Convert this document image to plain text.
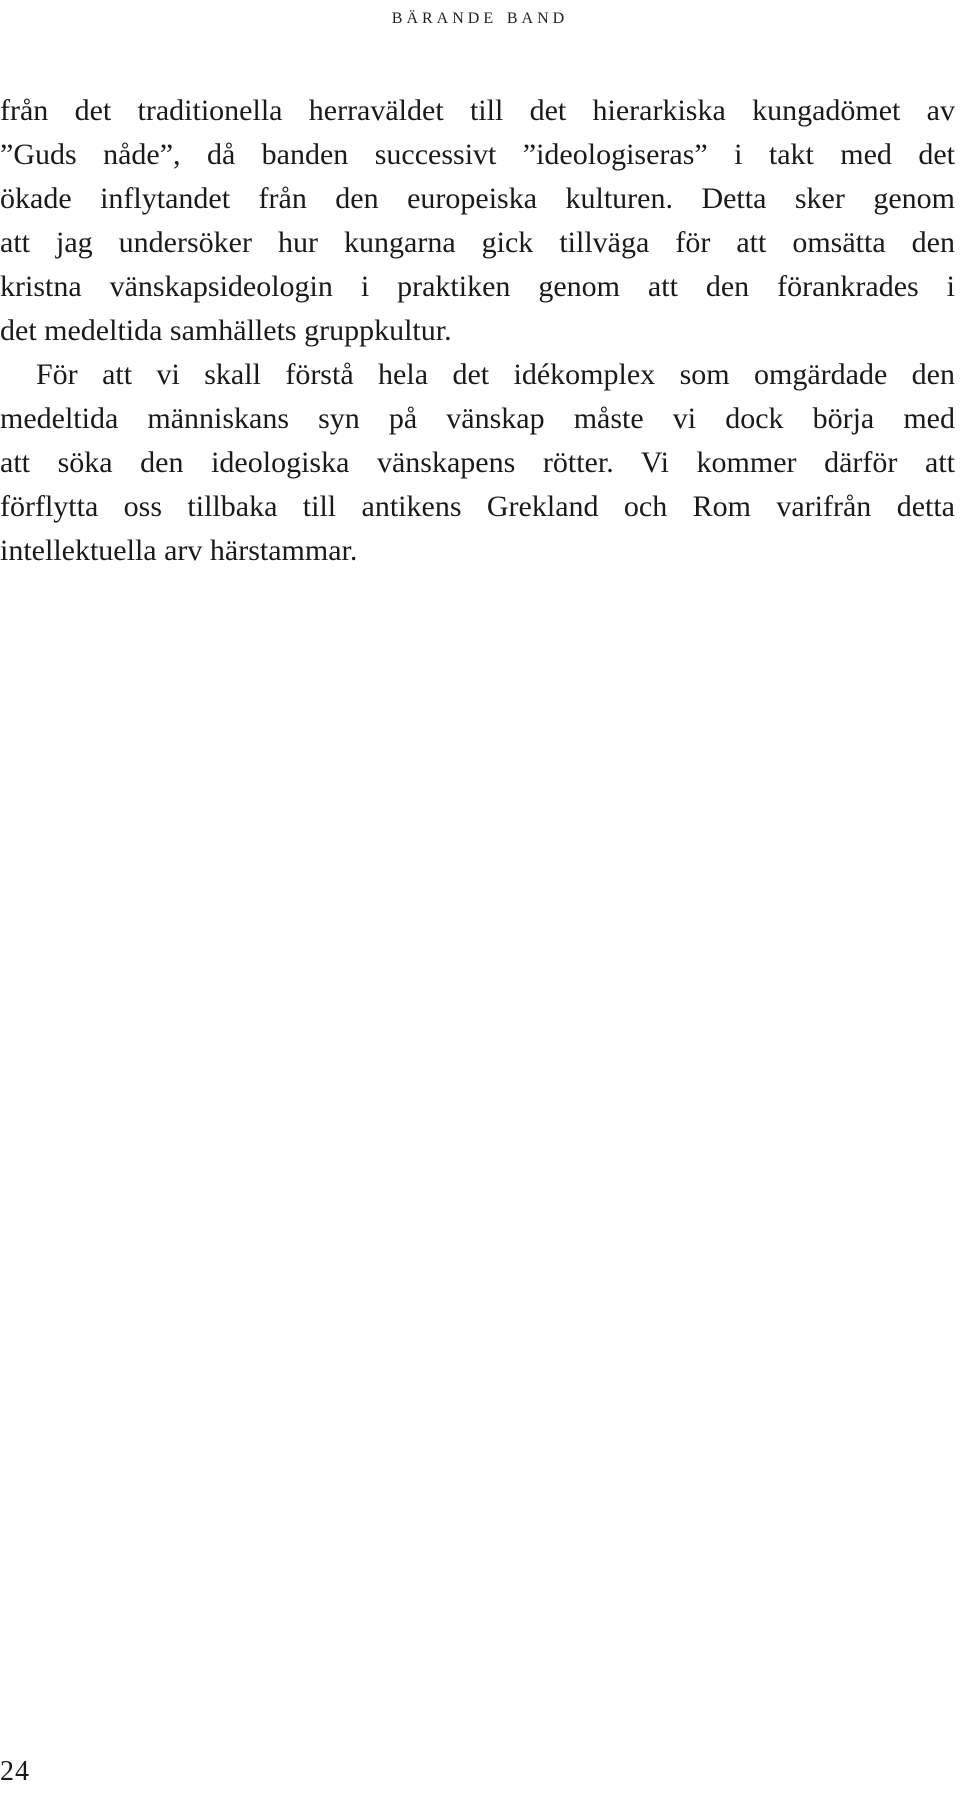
bärande band
från det traditionella herraväldet till det hierarkiska kungadömet av
”Guds nåde”, då banden successivt ”ideologiseras” i takt med det
ökade inflytandet från den europeiska kulturen. Detta sker genom
att jag undersöker hur kungarna gick tillväga för att omsätta den
kristna vänskapsideologin i praktiken genom att den förankrades i
det medeltida samhällets gruppkultur.
För att vi skall förstå hela det idékomplex som omgärdade den
medeltida människans syn på vänskap måste vi dock börja med
att söka den ideologiska vänskapens rötter. Vi kommer därför att
förflytta oss tillbaka till antikens Grekland och Rom varifrån detta
intellektuella arv härstammar.
24
